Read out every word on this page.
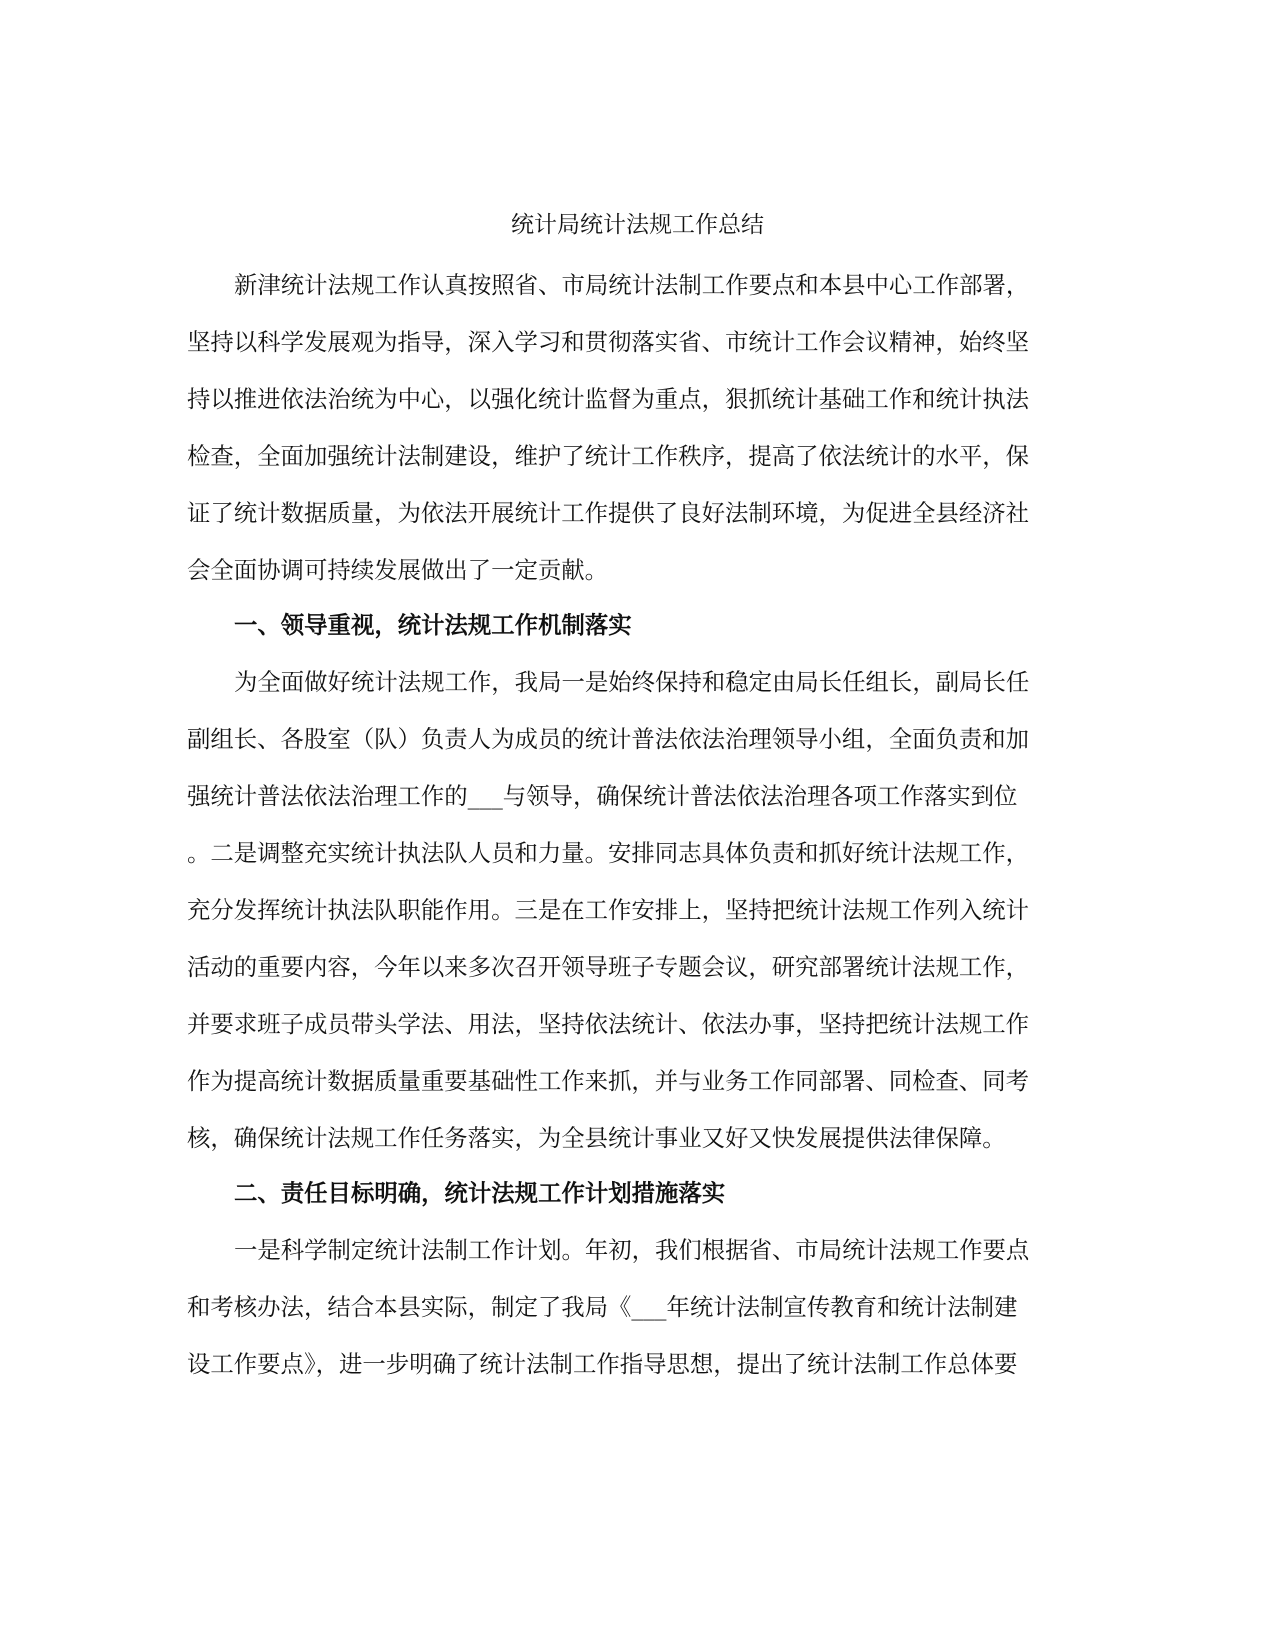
统计局统计法规工作总结
新津统计法规工作认真按照省、市局统计法制工作要点和本县中心工作部署，
坚持以科学发展观为指导，深入学习和贯彻落实省、市统计工作会议精神，始终坚
持以推进依法治统为中心，以强化统计监督为重点，狠抓统计基础工作和统计执法
检查，全面加强统计法制建设，维护了统计工作秩序，提高了依法统计的水平，保
证了统计数据质量，为依法开展统计工作提供了良好法制环境，为促进全县经济社
会全面协调可持续发展做出了一定贡献。
一、领导重视，统计法规工作机制落实
为全面做好统计法规工作，我局一是始终保持和稳定由局长任组长，副局长任
副组长、各股室（队）负责人为成员的统计普法依法治理领导小组，全面负责和加
强统计普法依法治理工作的___与领导，确保统计普法依法治理各项工作落实到位
。二是调整充实统计执法队人员和力量。安排同志具体负责和抓好统计法规工作，
充分发挥统计执法队职能作用。三是在工作安排上，坚持把统计法规工作列入统计
活动的重要内容，今年以来多次召开领导班子专题会议，研究部署统计法规工作，
并要求班子成员带头学法、用法，坚持依法统计、依法办事，坚持把统计法规工作
作为提高统计数据质量重要基础性工作来抓，并与业务工作同部署、同检查、同考
核，确保统计法规工作任务落实，为全县统计事业又好又快发展提供法律保障。
二、责任目标明确，统计法规工作计划措施落实
一是科学制定统计法制工作计划。年初，我们根据省、市局统计法规工作要点
和考核办法，结合本县实际，制定了我局《___年统计法制宣传教育和统计法制建
设工作要点》，进一步明确了统计法制工作指导思想，提出了统计法制工作总体要
